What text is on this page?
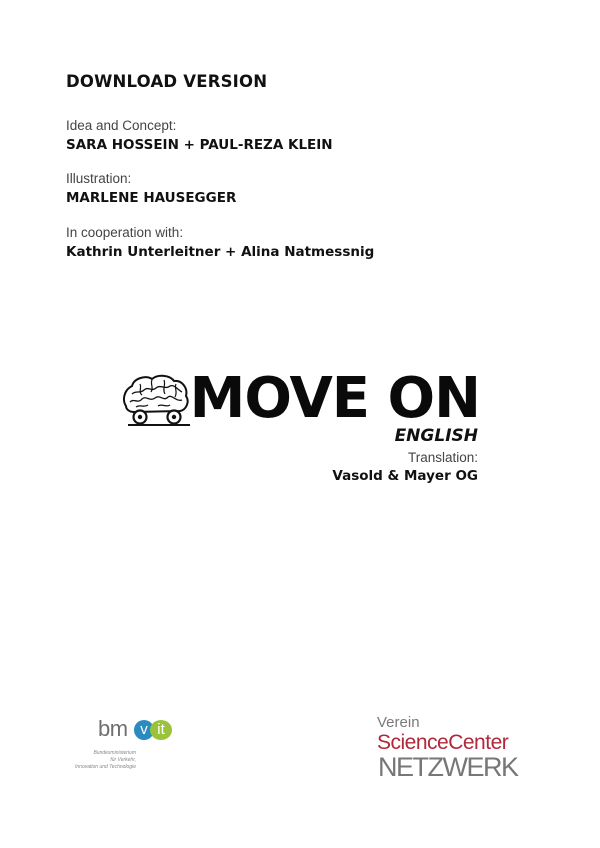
DOWNLOAD VERSION
Idea and Concept:
SARA HOSSEIN + PAUL-REZA KLEIN
Illustration:
MARLENE HAUSEGGER
In cooperation with:
Kathrin Unterleitner + Alina Natmessnig
MOVE ON
ENGLISH
Translation:
Vasold & Mayer OG
bm v it
Bundesministerium
für Verkehr,
Innovation und Technologie
Verein
ScienceCenter
NETZWERK
